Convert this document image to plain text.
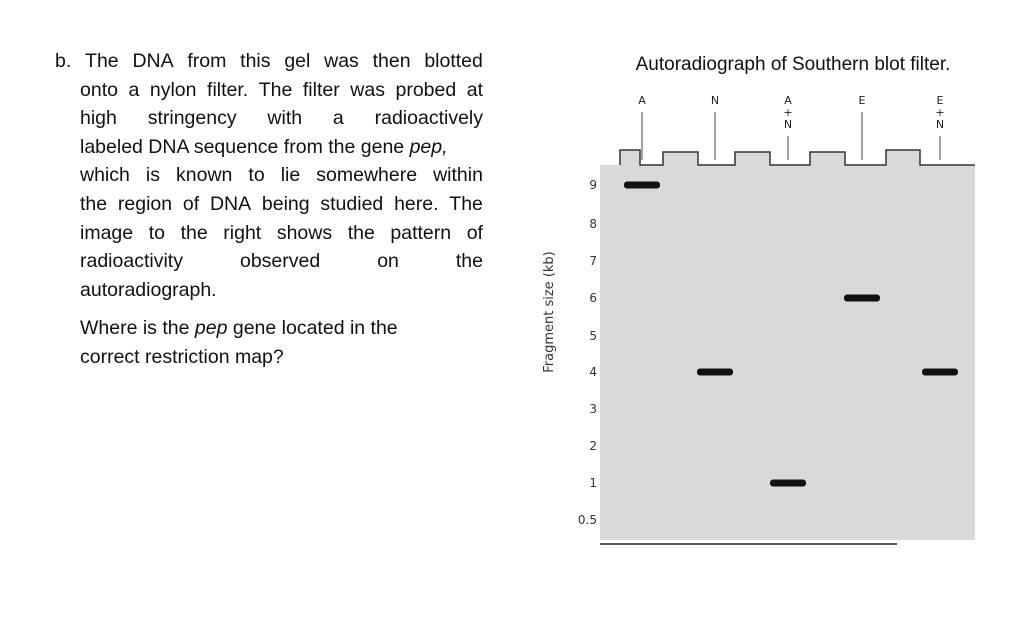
b. The DNA from this gel was then blotted
onto a nylon filter. The filter was probed at
high stringency with a radioactively
labeled DNA sequence from the gene pep,
which is known to lie somewhere within
the region of DNA being studied here. The
image to the right shows the pattern of
radioactivity	observed	on	the
autoradiograph.
Where is the pep gene located in the
correct restriction map?
Autoradiograph of Southern blot filter.
Fragment size (kb)
A	N	A
+
N
E	E
+
N
9
8
7
6
5
4
3
2
1
0.5
